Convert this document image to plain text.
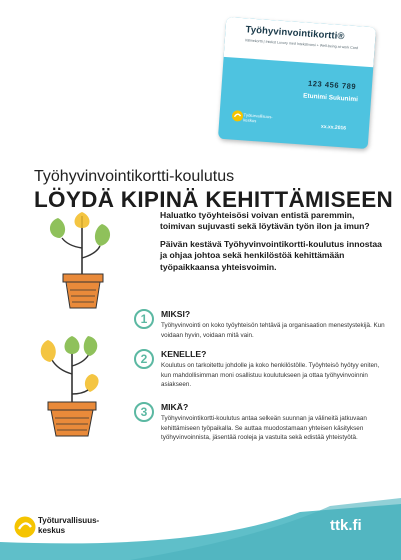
Työhyvinvointikortti®
Välinekortti | Intekst Luxury med Intekstivarsi + Well-being at work Card
123 456 789
Etunimi Sukunimi
Työturvallisuus-keskus
xx.xx.2016
Työhyvinvointikortti-koulutus
LÖYDÄ KIPINÄ KEHITTÄMISEEN

Haluatko työyhteisösi voivan entistä paremmin, toimivan sujuvasti sekä löytävän työn ilon ja imun?

Päivän kestävä Työhyvinvointikortti-koulutus innostaa ja ohjaa johtoa sekä henkilöstöä kehittämään työpaikkaansa yhteisvoimin.

1	MIKSI?
Työhyvinvointi on koko työyhteisön tehtävä ja organisaation menestystekijä. Kun voidaan hyvin, voidaan mitä vain.
2	KENELLE?
Koulutus on tarkoitettu johdolle ja koko henkilöstölle. Työyhteisö hyötyy eniten, kun mahdollisimman moni osallistuu koulutukseen ja ottaa työhyvinvoinnin asiakseen.
3	MIKÄ?
Työhyvinvointikortti-koulutus antaa selkeän suunnan ja välineitä jatkuvaan kehittämiseen työpaikalla. Se auttaa muodostamaan yhteisen käsityksen työhyvinvoinnista, jäsentää rooleja ja vastuita sekä edistää yhteistyötä.
Työturvallisuus-
keskus	ttk.fi
